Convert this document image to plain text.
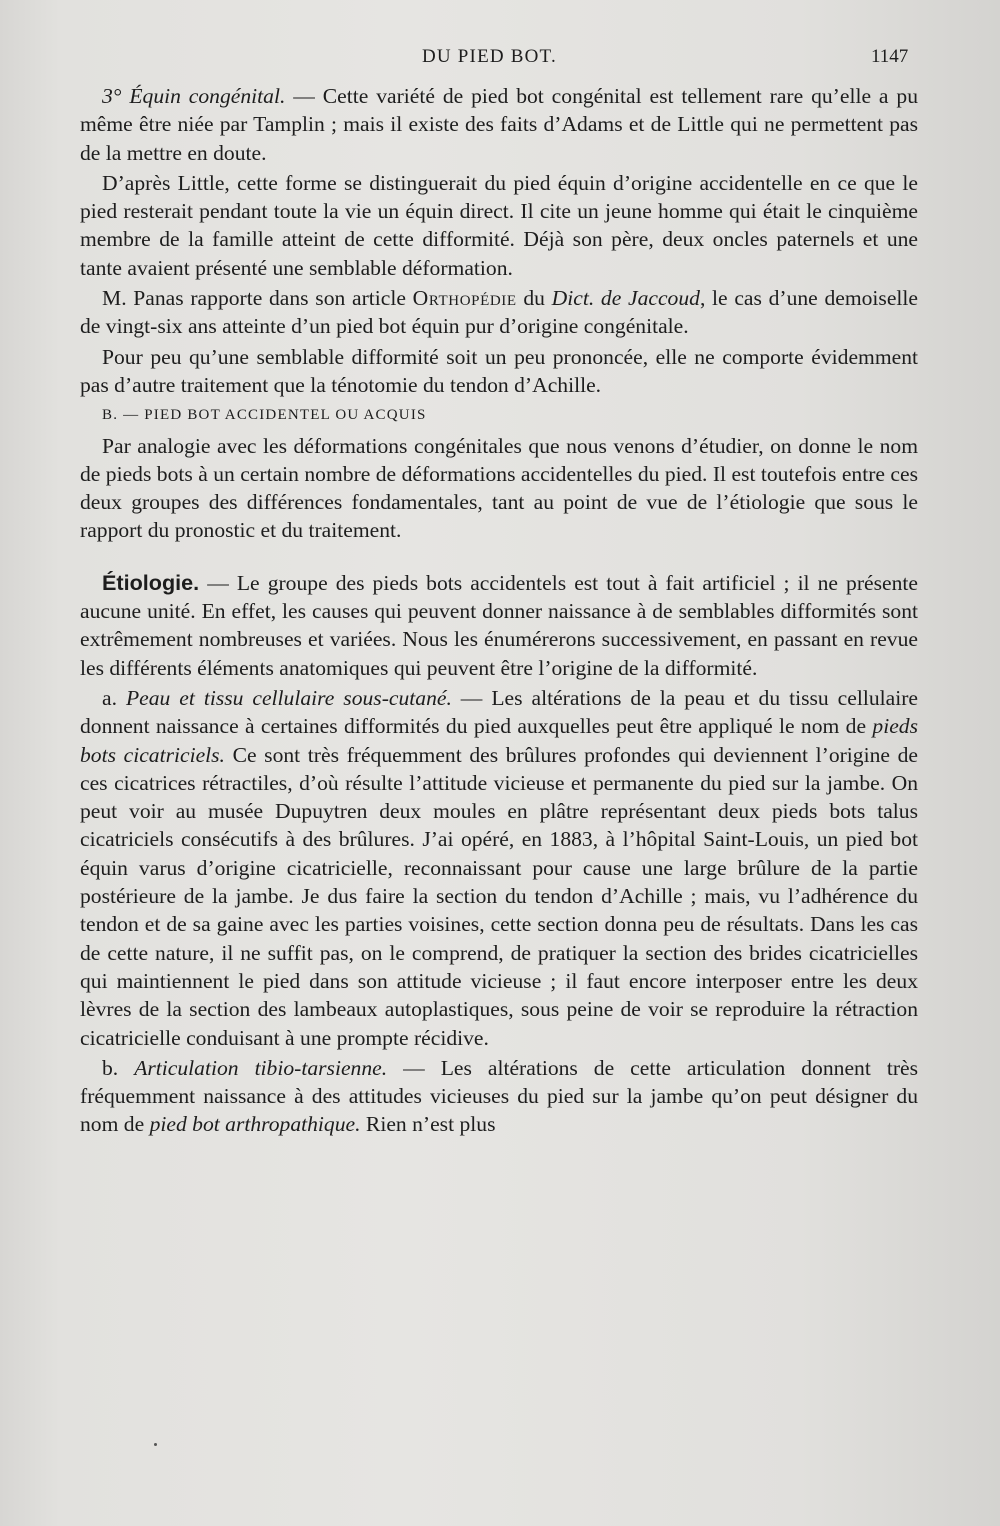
DU PIED BOT.	1147

3° Équin congénital. — Cette variété de pied bot congénital est tellement rare qu’elle a pu même être niée par Tamplin ; mais il existe des faits d’Adams et de Little qui ne permettent pas de la mettre en doute.

D’après Little, cette forme se distinguerait du pied équin d’origine accidentelle en ce que le pied resterait pendant toute la vie un équin direct. Il cite un jeune homme qui était le cinquième membre de la famille atteint de cette difformité. Déjà son père, deux oncles paternels et une tante avaient présenté une semblable déformation.

M. Panas rapporte dans son article Orthopédie du Dict. de Jaccoud, le cas d’une demoiselle de vingt-six ans atteinte d’un pied bot équin pur d’origine congénitale.

Pour peu qu’une semblable difformité soit un peu prononcée, elle ne comporte évidemment pas d’autre traitement que la ténotomie du tendon d’Achille.

B. — PIED BOT ACCIDENTEL OU ACQUIS

Par analogie avec les déformations congénitales que nous venons d’étudier, on donne le nom de pieds bots à un certain nombre de déformations accidentelles du pied. Il est toutefois entre ces deux groupes des différences fondamentales, tant au point de vue de l’étiologie que sous le rapport du pronostic et du traitement.

Étiologie. — Le groupe des pieds bots accidentels est tout à fait artificiel ; il ne présente aucune unité. En effet, les causes qui peuvent donner naissance à de semblables difformités sont extrêmement nombreuses et variées. Nous les énumérerons successivement, en passant en revue les différents éléments anatomiques qui peuvent être l’origine de la difformité.

a. Peau et tissu cellulaire sous-cutané. — Les altérations de la peau et du tissu cellulaire donnent naissance à certaines difformités du pied auxquelles peut être appliqué le nom de pieds bots cicatriciels. Ce sont très fréquemment des brûlures profondes qui deviennent l’origine de ces cicatrices rétractiles, d’où résulte l’attitude vicieuse et permanente du pied sur la jambe. On peut voir au musée Dupuytren deux moules en plâtre représentant deux pieds bots talus cicatriciels consécutifs à des brûlures. J’ai opéré, en 1883, à l’hôpital Saint-Louis, un pied bot équin varus d’origine cicatricielle, reconnaissant pour cause une large brûlure de la partie postérieure de la jambe. Je dus faire la section du tendon d’Achille ; mais, vu l’adhérence du tendon et de sa gaine avec les parties voisines, cette section donna peu de résultats. Dans les cas de cette nature, il ne suffit pas, on le comprend, de pratiquer la section des brides cicatricielles qui maintiennent le pied dans son attitude vicieuse ; il faut encore interposer entre les deux lèvres de la section des lambeaux autoplastiques, sous peine de voir se reproduire la rétraction cicatricielle conduisant à une prompte récidive.

b. Articulation tibio-tarsienne. — Les altérations de cette articulation donnent très fréquemment naissance à des attitudes vicieuses du pied sur la jambe qu’on peut désigner du nom de pied bot arthropathique. Rien n’est plus
